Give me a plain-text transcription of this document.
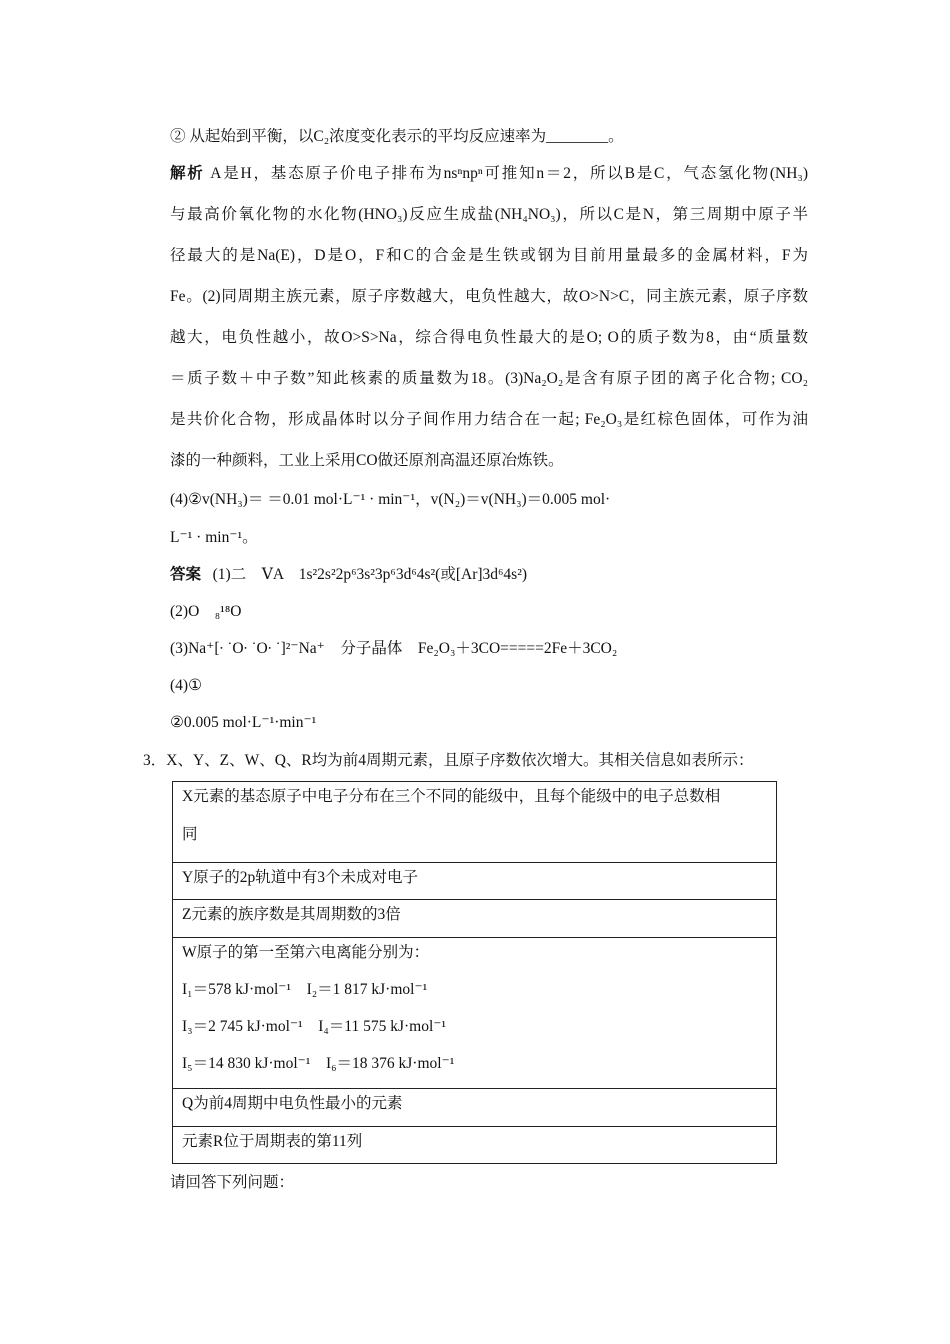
② 从起始到平衡，以C₂浓度变化表示的平均反应速率为________。
解析 A是H，基态原子价电子排布为nsⁿnpⁿ可推知n＝2，所以B是C，气态氢化物(NH₃)
与最高价氧化物的水化物(HNO₃)反应生成盐(NH₄NO₃)，所以C是N，第三周期中原子半
径最大的是Na(E)，D是O，F和C的合金是生铁或钢为目前用量最多的金属材料，F为
Fe。(2)同周期主族元素，原子序数越大，电负性越大，故O>N>C，同主族元素，原子序数
越大，电负性越小，故O>S>Na，综合得电负性最大的是O; O的质子数为8，由“质量数
＝质子数＋中子数”知此核素的质量数为18。(3)Na₂O₂是含有原子团的离子化合物; CO₂
是共价化合物，形成晶体时以分子间作用力结合在一起; Fe₂O₃是红棕色固体，可作为油
漆的一种颜料，工业上采用CO做还原剂高温还原冶炼铁。
(4)②v(NH₃)＝ ＝0.01 mol·L⁻¹ · min⁻¹，v(N₂)＝v(NH₃)＝0.005 mol·
L⁻¹ · min⁻¹。
答案 (1)二　ⅤA　1s²2s²2p⁶3s²3p⁶3d⁶4s²(或[Ar]3d⁶4s²)
(2)O　₈¹⁸O
(3)Na⁺[∙ ˙O∙ ˙O∙ ˙]²⁻Na⁺　分子晶体　Fe₂O₃＋3CO=====2Fe＋3CO₂
(4)①
②0.005 mol·L⁻¹·min⁻¹
3．X、Y、Z、W、Q、R均为前4周期元素，且原子序数依次增大。其相关信息如表所示：
X元素的基态原子中电子分布在三个不同的能级中，且每个能级中的电子总数相
同

Y原子的2p轨道中有3个未成对电子

Z元素的族序数是其周期数的3倍

W原子的第一至第六电离能分别为：
I₁＝578 kJ·mol⁻¹　I₂＝1 817 kJ·mol⁻¹
I₃＝2 745 kJ·mol⁻¹　I₄＝11 575 kJ·mol⁻¹
I₅＝14 830 kJ·mol⁻¹　I₆＝18 376 kJ·mol⁻¹

Q为前4周期中电负性最小的元素

元素R位于周期表的第11列
请回答下列问题：
